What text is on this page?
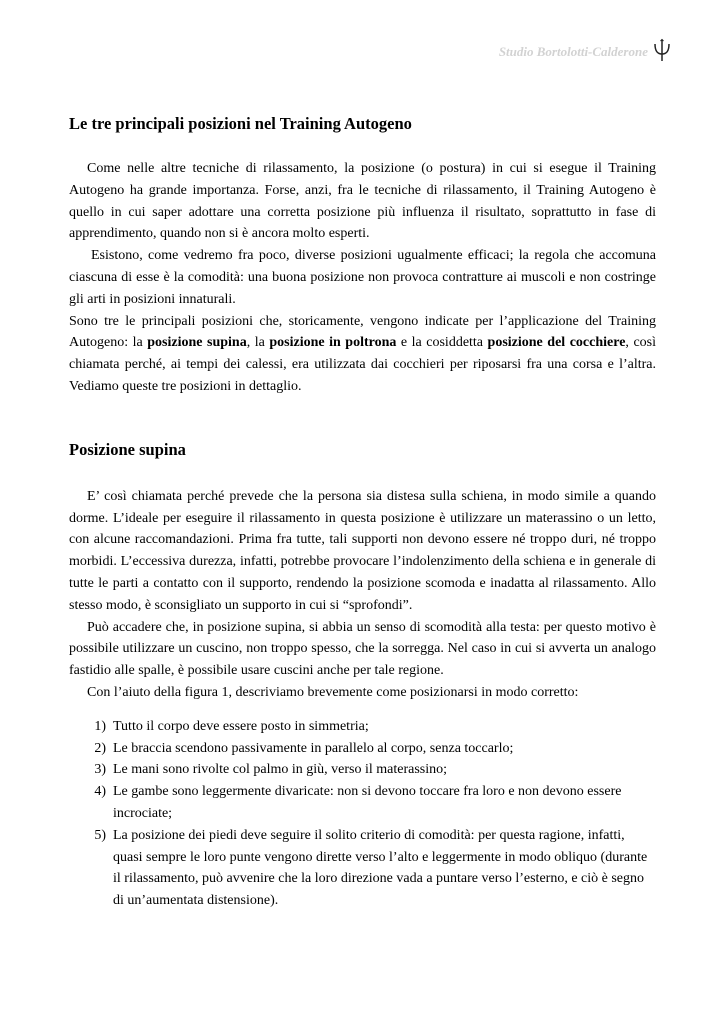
Studio Bortolotti-Calderone
Le tre principali posizioni nel Training Autogeno

Come nelle altre tecniche di rilassamento, la posizione (o postura) in cui si esegue il Training Autogeno ha grande importanza. Forse, anzi, fra le tecniche di rilassamento, il Training Autogeno è quello in cui saper adottare una corretta posizione più influenza il risultato, soprattutto in fase di apprendimento, quando non si è ancora molto esperti.

Esistono, come vedremo fra poco, diverse posizioni ugualmente efficaci; la regola che accomuna ciascuna di esse è la comodità: una buona posizione non provoca contratture ai muscoli e non costringe gli arti in posizioni innaturali.

Sono tre le principali posizioni che, storicamente, vengono indicate per l’applicazione del Training Autogeno: la posizione supina, la posizione in poltrona e la cosiddetta posizione del cocchiere, così chiamata perché, ai tempi dei calessi, era utilizzata dai cocchieri per riposarsi fra una corsa e l’altra. Vediamo queste tre posizioni in dettaglio.

Posizione supina

E’ così chiamata perché prevede che la persona sia distesa sulla schiena, in modo simile a quando dorme. L’ideale per eseguire il rilassamento in questa posizione è utilizzare un materassino o un letto, con alcune raccomandazioni. Prima fra tutte, tali supporti non devono essere né troppo duri, né troppo morbidi. L’eccessiva durezza, infatti, potrebbe provocare l’indolenzimento della schiena e in generale di tutte le parti a contatto con il supporto, rendendo la posizione scomoda e inadatta al rilassamento. Allo stesso modo, è sconsigliato un supporto in cui si “sprofondi”.

Può accadere che, in posizione supina, si abbia un senso di scomodità alla testa: per questo motivo è possibile utilizzare un cuscino, non troppo spesso, che la sorregga. Nel caso in cui si avverta un analogo fastidio alle spalle, è possibile usare cuscini anche per tale regione.

Con l’aiuto della figura 1, descriviamo brevemente come posizionarsi in modo corretto:

1) Tutto il corpo deve essere posto in simmetria;
2) Le braccia scendono passivamente in parallelo al corpo, senza toccarlo;
3) Le mani sono rivolte col palmo in giù, verso il materassino;
4) Le gambe sono leggermente divaricate: non si devono toccare fra loro e non devono essere incrociate;
5) La posizione dei piedi deve seguire il solito criterio di comodità: per questa ragione, infatti, quasi sempre le loro punte vengono dirette verso l’alto e leggermente in modo obliquo (durante il rilassamento, può avvenire che la loro direzione vada a puntare verso l’esterno, e ciò è segno di un’aumentata distensione).
